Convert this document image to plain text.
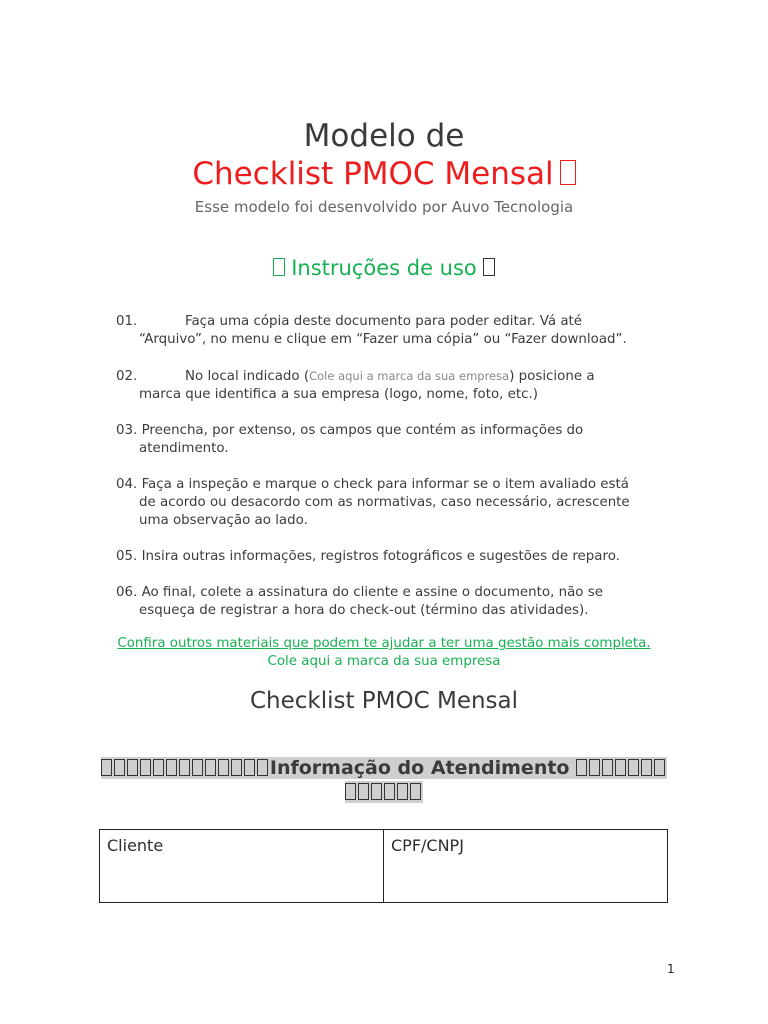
Modelo de
Checklist PMOC Mensal
Esse modelo foi desenvolvido por Auvo Tecnologia
Instruções de uso
01.	Faça uma cópia deste documento para poder editar. Vá até
“Arquivo”, no menu e clique em “Fazer uma cópia” ou “Fazer download”.
02.	No local indicado (Cole aqui a marca da sua empresa) posicione a
marca que identifica a sua empresa (logo, nome, foto, etc.)
03. Preencha, por extenso, os campos que contém as informações do
atendimento.
04. Faça a inspeção e marque o check para informar se o item avaliado está
de acordo ou desacordo com as normativas, caso necessário, acrescente
uma observação ao lado.
05. Insira outras informações, registros fotográficos e sugestões de reparo.
06. Ao final, colete a assinatura do cliente e assine o documento, não se
esqueça de registrar a hora do check-out (término das atividades).
Confira outros materiais que podem te ajudar a ter uma gestão mais completa.
Cole aqui a marca da sua empresa
Checklist PMOC Mensal
Informação do Atendimento

Cliente	CPF/CNPJ
1
